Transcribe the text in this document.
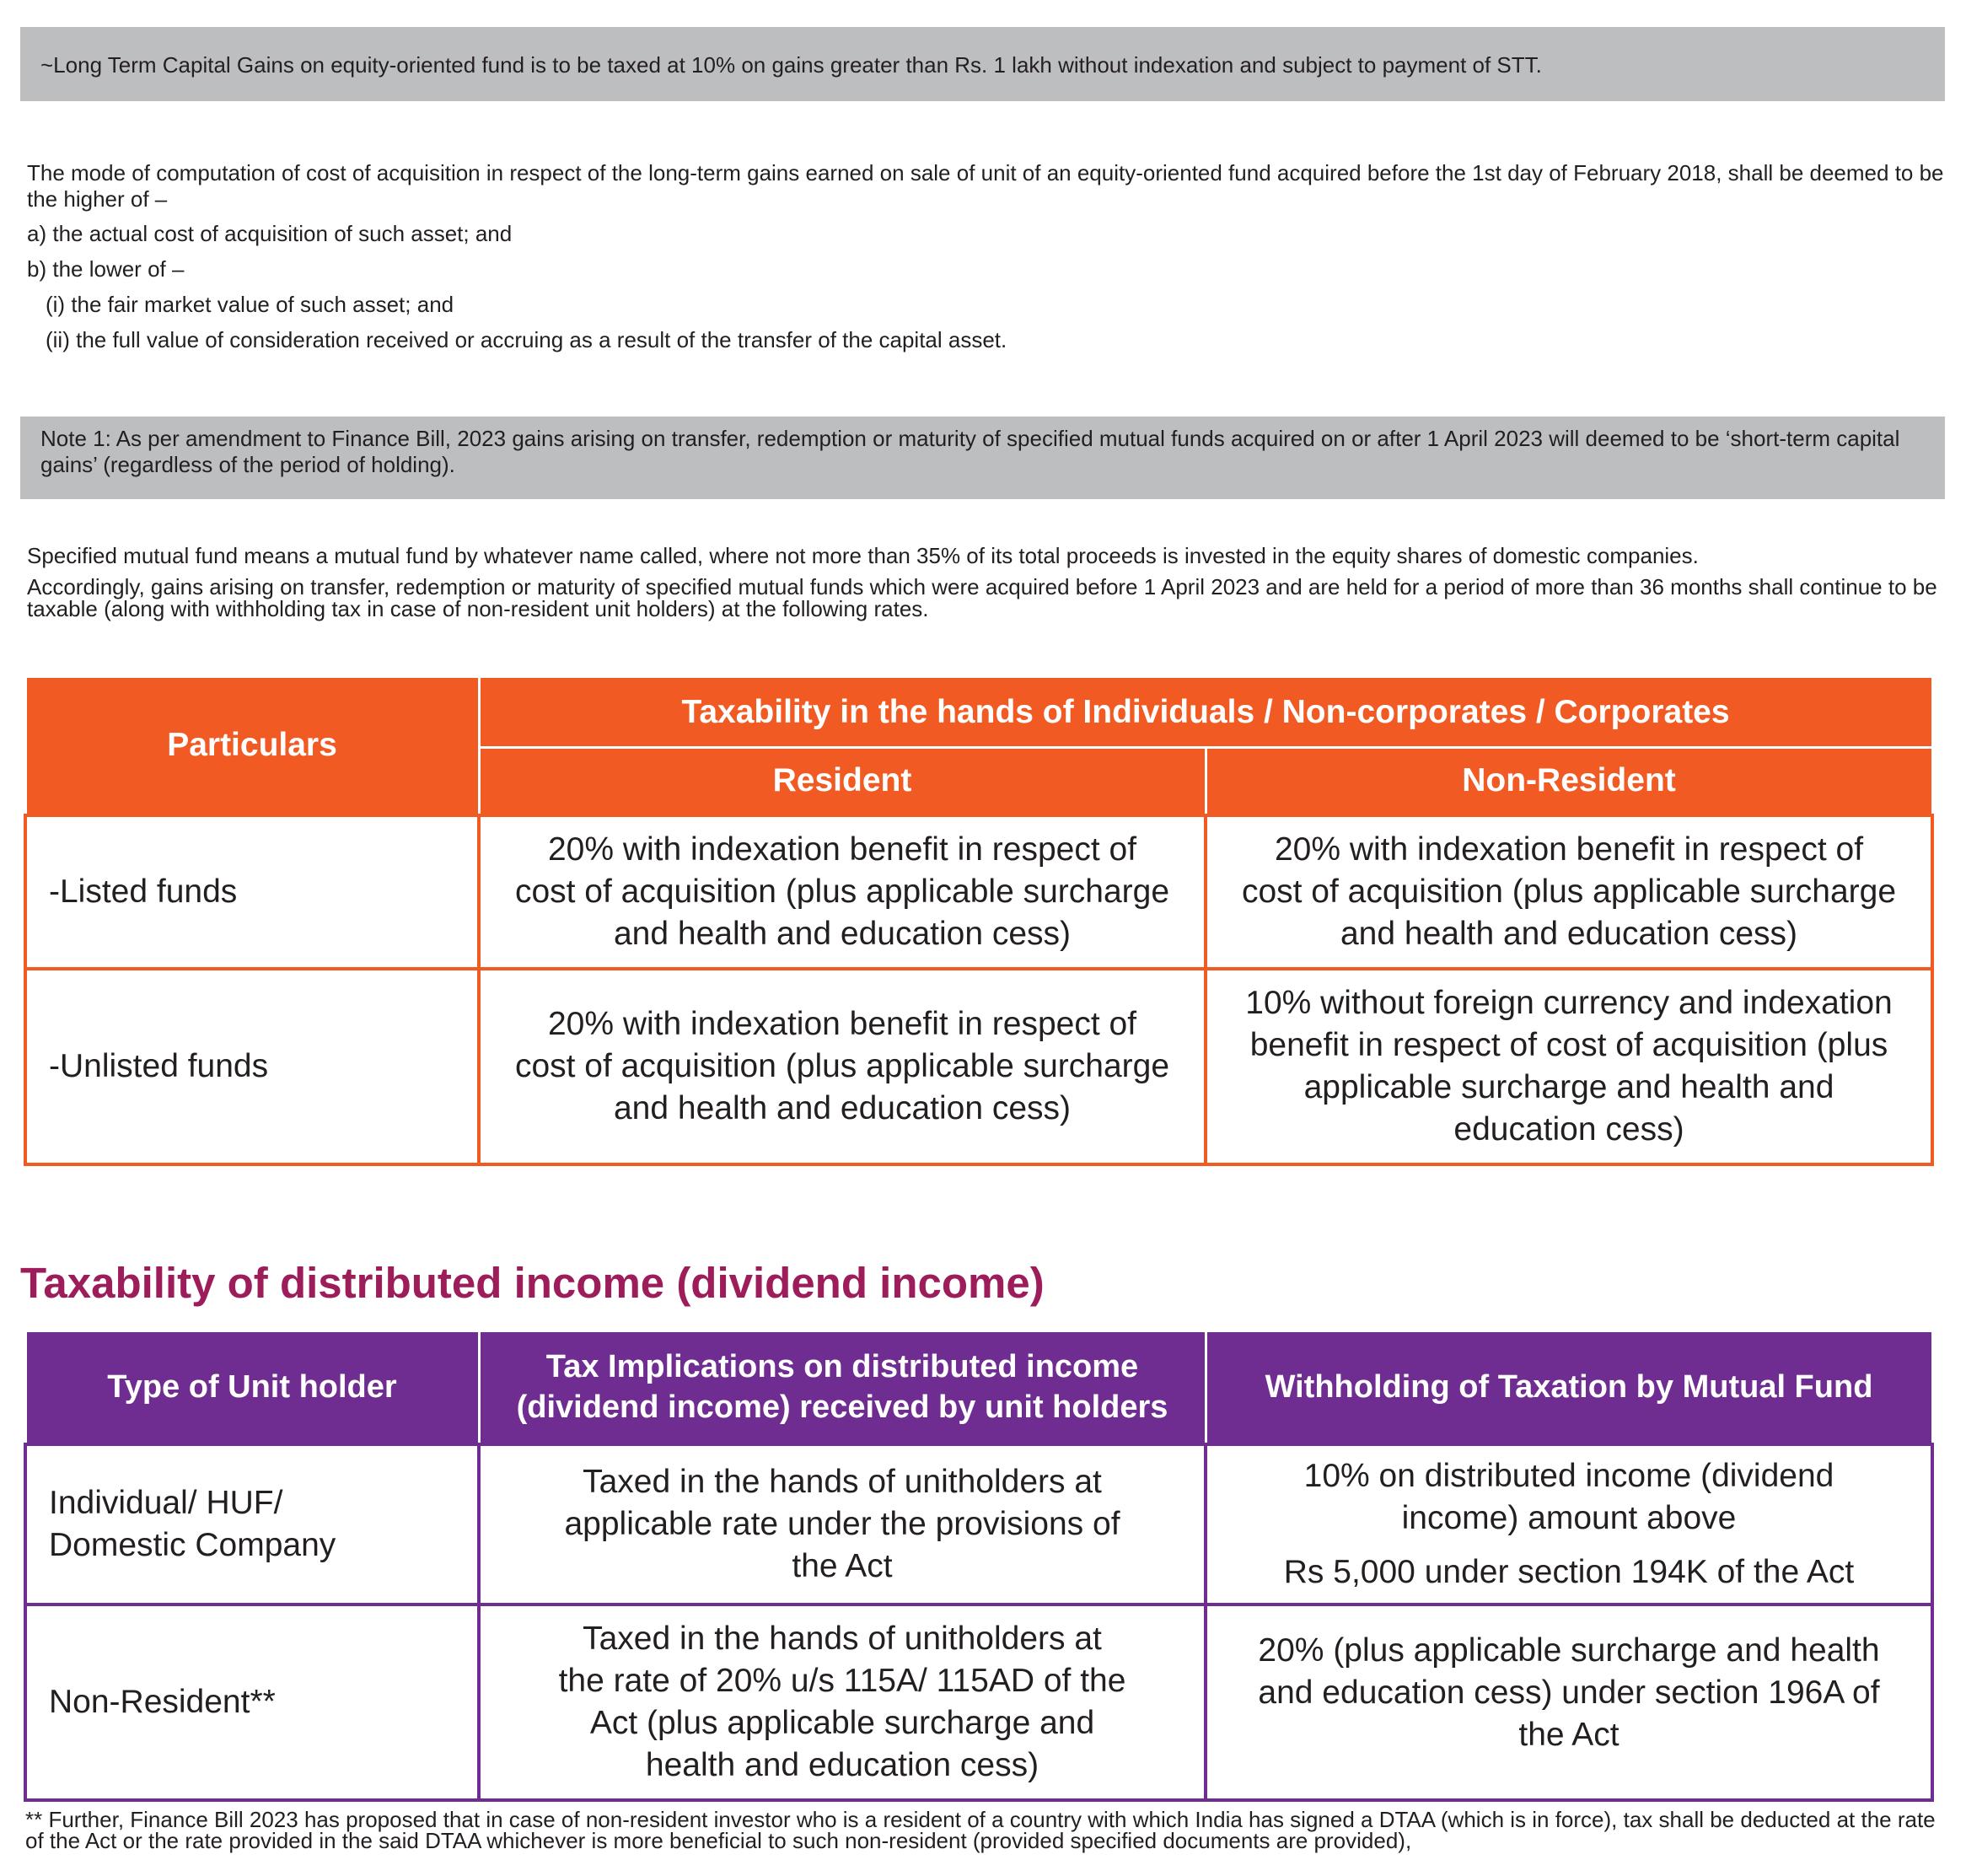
~Long Term Capital Gains on equity-oriented fund is to be taxed at 10% on gains greater than Rs. 1 lakh without indexation and subject to payment of STT.

The mode of computation of cost of acquisition in respect of the long-term gains earned on sale of unit of an equity-oriented fund acquired before the 1st day of February 2018, shall be deemed to be the higher of –

a) the actual cost of acquisition of such asset; and

b) the lower of –

(i) the fair market value of such asset; and

(ii) the full value of consideration received or accruing as a result of the transfer of the capital asset.

Note 1: As per amendment to Finance Bill, 2023 gains arising on transfer, redemption or maturity of specified mutual funds acquired on or after 1 April 2023 will deemed to be ‘short-term capital gains’ (regardless of the period of holding).

Specified mutual fund means a mutual fund by whatever name called, where not more than 35% of its total proceeds is invested in the equity shares of domestic companies.

Accordingly, gains arising on transfer, redemption or maturity of specified mutual funds which were acquired before 1 April 2023 and are held for a period of more than 36 months shall continue to be taxable (along with withholding tax in case of non-resident unit holders) at the following rates.

Particulars	Taxability in the hands of Individuals / Non-corporates / Corporates	
	Resident	Non-Resident
-Listed funds	20% with indexation benefit in respect of cost of acquisition (plus applicable surcharge and health and education cess)	20% with indexation benefit in respect of cost of acquisition (plus applicable surcharge and health and education cess)
-Unlisted funds	20% with indexation benefit in respect of cost of acquisition (plus applicable surcharge and health and education cess)	10% without foreign currency and indexation benefit in respect of cost of acquisition (plus applicable surcharge and health and education cess)
Taxability of distributed income (dividend income)
Type of Unit holder	Tax Implications on distributed income (dividend income) received by unit holders	Withholding of Taxation by Mutual Fund
Individual/ HUF/ Domestic Company	Taxed in the hands of unitholders at applicable rate under the provisions of the Act	10% on distributed income (dividend income) amount above
Rs 5,000 under section 194K of the Act

Non-Resident**	Taxed in the hands of unitholders at the rate of 20% u/s 115A/ 115AD of the Act (plus applicable surcharge and health and education cess)	20% (plus applicable surcharge and health and education cess) under section 196A of the Act
** Further, Finance Bill 2023 has proposed that in case of non-resident investor who is a resident of a country with which India has signed a DTAA (which is in force), tax shall be deducted at the rate of the Act or the rate provided in the said DTAA whichever is more beneficial to such non-resident (provided specified documents are provided),
